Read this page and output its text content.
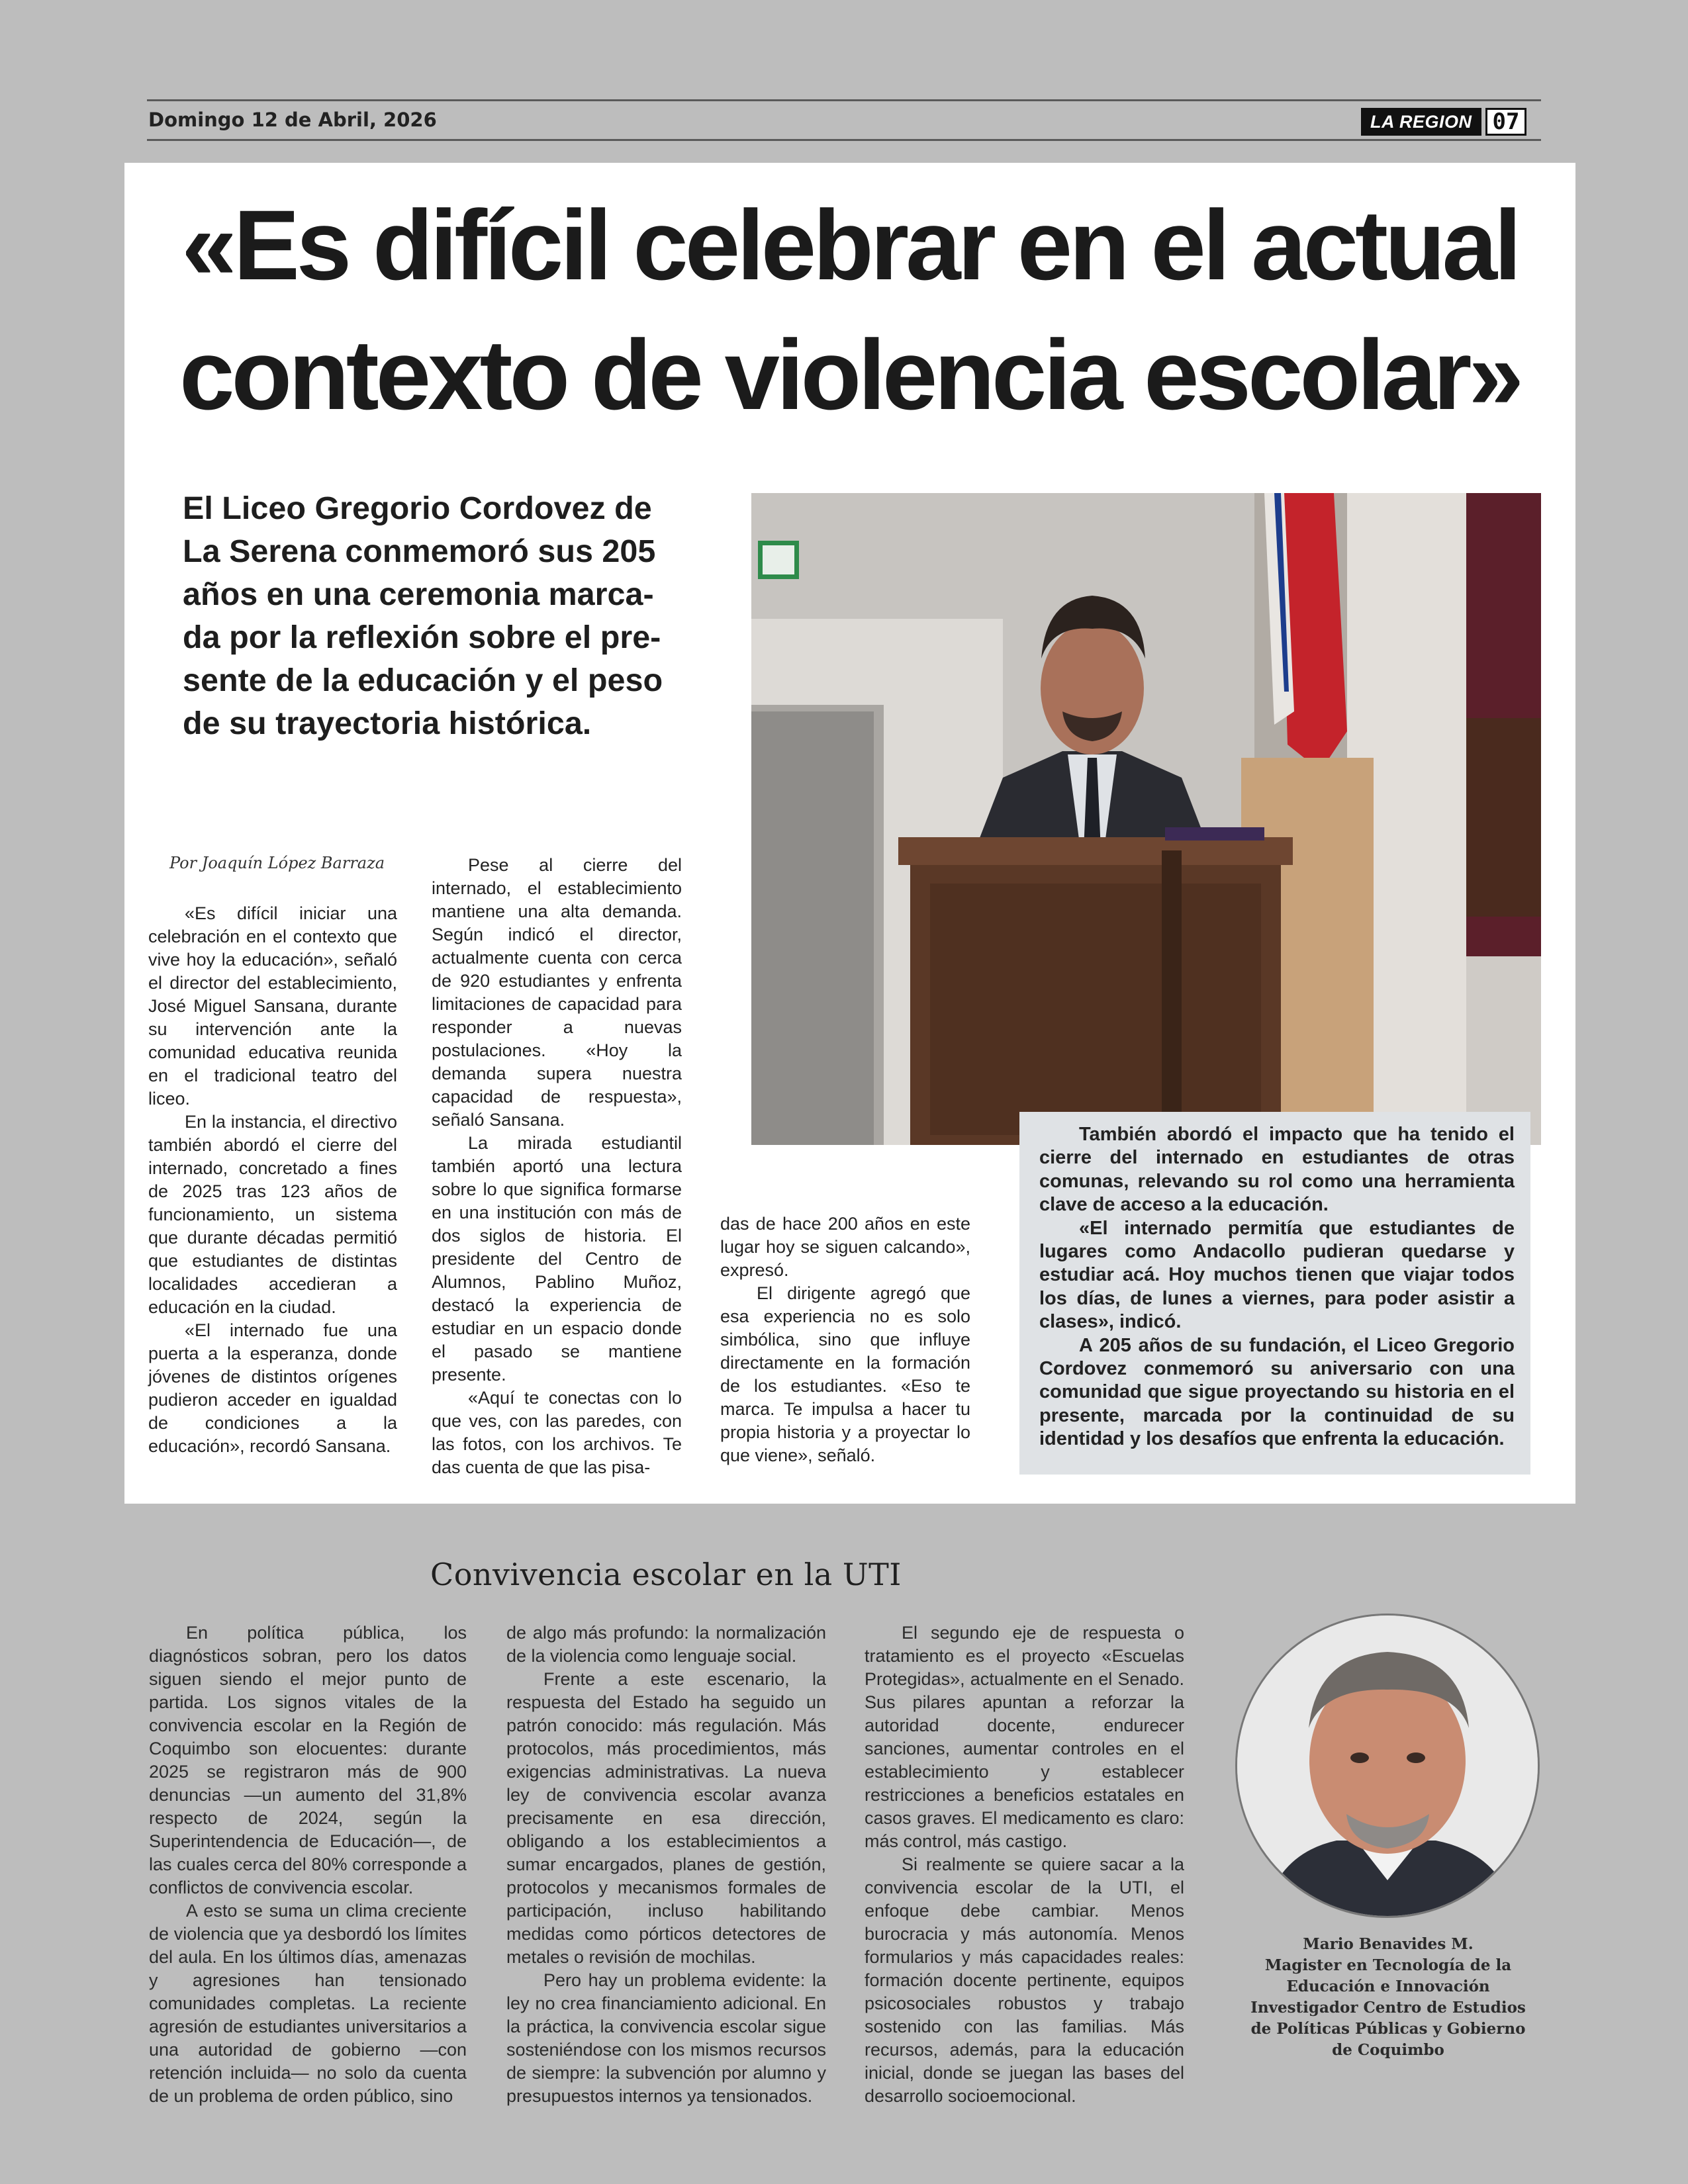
Domingo 12 de Abril, 2026	LA REGION 07
«Es difícil celebrar en el actual
contexto de violencia escolar»
El Liceo Gregorio Cordovez de
La Serena conmemoró sus 205
años en una ceremonia marca-
da por la reflexión sobre el pre-
sente de la educación y el peso
de su trayectoria histórica.
Por Joaquín López Barraza

«Es difícil iniciar una celebración en el contexto que vive hoy la educación», señaló el director del establecimiento, José Miguel Sansana, durante su intervención ante la comunidad educativa reunida en el tradicional teatro del liceo.

En la instancia, el directivo también abordó el cierre del internado, concretado a fines de 2025 tras 123 años de funcionamiento, un sistema que durante décadas permitió que estudiantes de distintas localidades accedieran a educación en la ciudad.

«El internado fue una puerta a la esperanza, donde jóvenes de distintos orígenes pudieron acceder en igualdad de condiciones a la educación», recordó Sansana.

Pese al cierre del internado, el establecimiento mantiene una alta demanda. Según indicó el director, actualmente cuenta con cerca de 920 estudiantes y enfrenta limitaciones de capacidad para responder a nuevas postulaciones. «Hoy la demanda supera nuestra capacidad de respuesta», señaló Sansana.

La mirada estudiantil también aportó una lectura sobre lo que significa formarse en una institución con más de dos siglos de historia. El presidente del Centro de Alumnos, Pablino Muñoz, destacó la experiencia de estudiar en un espacio donde el pasado se mantiene presente.

«Aquí te conectas con lo que ves, con las paredes, con las fotos, con los archivos. Te das cuenta de que las pisa-

das de hace 200 años en este lugar hoy se siguen calcando», expresó.

El dirigente agregó que esa experiencia no es solo simbólica, sino que influye directamente en la formación de los estudiantes. «Eso te marca. Te impulsa a hacer tu propia historia y a proyectar lo que viene», señaló.

También abordó el impacto que ha tenido el cierre del internado en estudiantes de otras comunas, relevando su rol como una herramienta clave de acceso a la educación.

«El internado permitía que estudiantes de lugares como Andacollo pudieran quedarse y estudiar acá. Hoy muchos tienen que viajar todos los días, de lunes a viernes, para poder asistir a clases», indicó.

A 205 años de su fundación, el Liceo Gregorio Cordovez conmemoró su aniversario con una comunidad que sigue proyectando su historia en el presente, marcada por la continuidad de su identidad y los desafíos que enfrenta la educación.

Convivencia escolar en la UTI

En política pública, los diagnósticos sobran, pero los datos siguen siendo el mejor punto de partida. Los signos vitales de la convivencia escolar en la Región de Coquimbo son elocuentes: durante 2025 se registraron más de 900 denuncias —un aumento del 31,8% respecto de 2024, según la Superintendencia de Educación—, de las cuales cerca del 80% corresponde a conflictos de convivencia escolar.

A esto se suma un clima creciente de violencia que ya desbordó los límites del aula. En los últimos días, amenazas y agresiones han tensionado comunidades completas. La reciente agresión de estudiantes universitarios a una autoridad de gobierno —con retención incluida— no solo da cuenta de un problema de orden público, sino

de algo más profundo: la normalización de la violencia como lenguaje social.

Frente a este escenario, la respuesta del Estado ha seguido un patrón conocido: más regulación. Más protocolos, más procedimientos, más exigencias administrativas. La nueva ley de convivencia escolar avanza precisamente en esa dirección, obligando a los establecimientos a sumar encargados, planes de gestión, protocolos y mecanismos formales de participación, incluso habilitando medidas como pórticos detectores de metales o revisión de mochilas.

Pero hay un problema evidente: la ley no crea financiamiento adicional. En la práctica, la convivencia escolar sigue sosteniéndose con los mismos recursos de siempre: la subvención por alumno y presupuestos internos ya tensionados.

El segundo eje de respuesta o tratamiento es el proyecto «Escuelas Protegidas», actualmente en el Senado. Sus pilares apuntan a reforzar la autoridad docente, endurecer sanciones, aumentar controles en el establecimiento y establecer restricciones a beneficios estatales en casos graves. El medicamento es claro: más control, más castigo.

Si realmente se quiere sacar a la convivencia escolar de la UTI, el enfoque debe cambiar. Menos burocracia y más autonomía. Menos formularios y más capacidades reales: formación docente pertinente, equipos psicosociales robustos y trabajo sostenido con las familias. Más recursos, además, para la educación inicial, donde se juegan las bases del desarrollo socioemocional.

Mario Benavides M.
Magister en Tecnología de la
Educación e Innovación
Investigador Centro de Estudios
de Políticas Públicas y Gobierno
de Coquimbo
